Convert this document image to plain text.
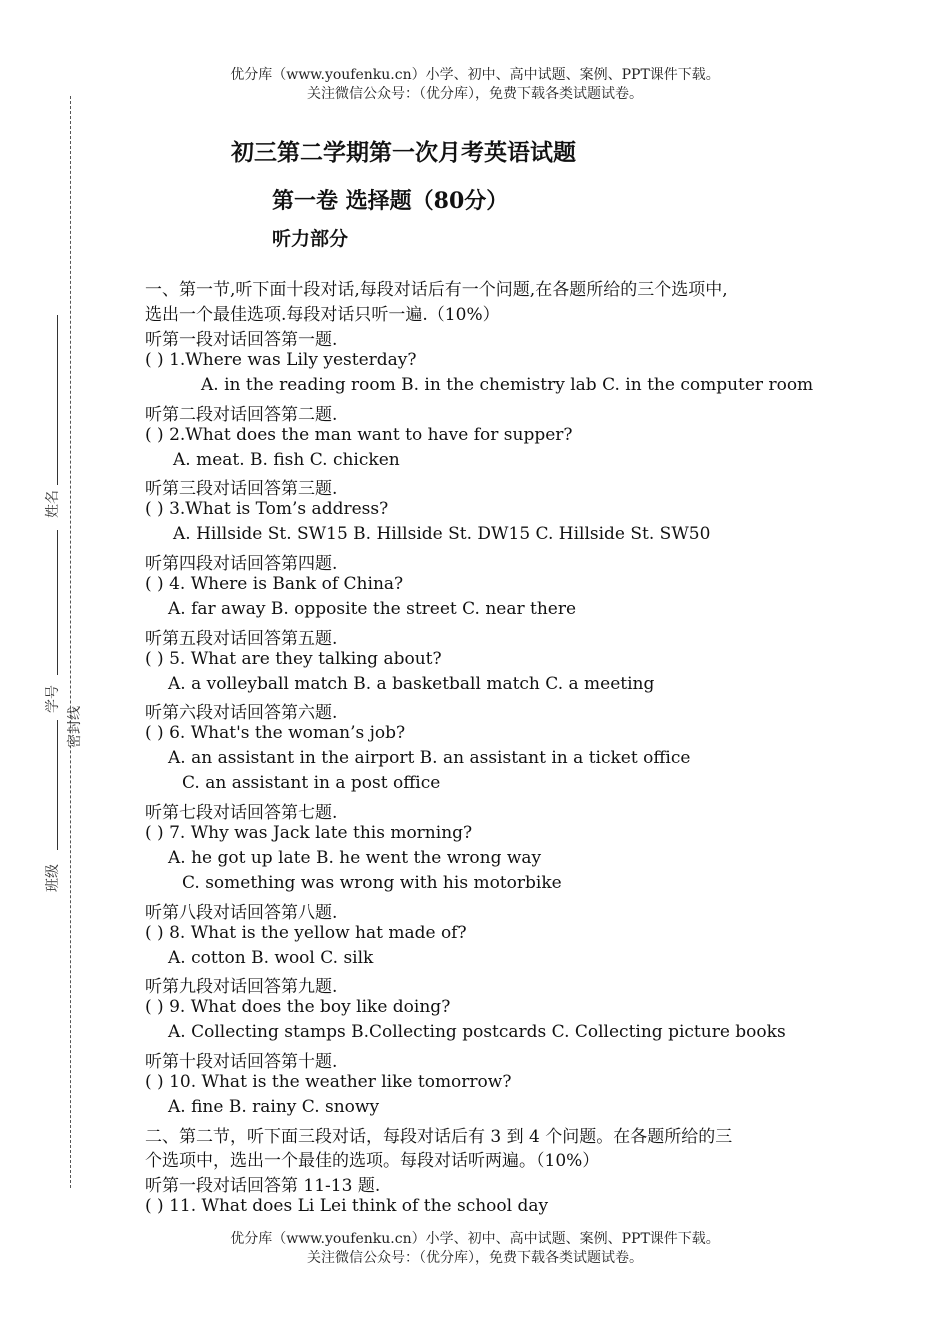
优分库（www.youfenku.cn）小学、初中、高中试题、案例、PPT课件下载。
关注微信公众号：（优分库），免费下载各类试题试卷。
姓名
学号
密封线
班级
初三第二学期第一次月考英语试题
第一卷 选择题（80分）
听力部分
一、第一节,听下面十段对话,每段对话后有一个问题,在各题所给的三个选项中,
选出一个最佳选项.每段对话只听一遍.（10%）
听第一段对话回答第一题.
( ) 1.Where was Lily yesterday?
A. in the reading room B. in the chemistry lab C. in the computer room
听第二段对话回答第二题.
( ) 2.What does the man want to have for supper?
A. meat. B. fish C. chicken
听第三段对话回答第三题.
( ) 3.What is Tom’s address?
A. Hillside St. SW15 B. Hillside St. DW15 C. Hillside St. SW50
听第四段对话回答第四题.
( ) 4. Where is Bank of China?
A. far away B. opposite the street C. near there
听第五段对话回答第五题.
( ) 5. What are they talking about?
A. a volleyball match B. a basketball match C. a meeting
听第六段对话回答第六题.
( ) 6. What's the woman’s job?
A. an assistant in the airport B. an assistant in a ticket office
C. an assistant in a post office
听第七段对话回答第七题.
( ) 7. Why was Jack late this morning?
A. he got up late B. he went the wrong way
C. something was wrong with his motorbike
听第八段对话回答第八题.
( ) 8. What is the yellow hat made of?
A. cotton B. wool C. silk
听第九段对话回答第九题.
( ) 9. What does the boy like doing?
A. Collecting stamps B.Collecting postcards C. Collecting picture books
听第十段对话回答第十题.
( ) 10. What is the weather like tomorrow?
A. fine B. rainy C. snowy
二、第二节，听下面三段对话，每段对话后有 3 到 4 个问题。在各题所给的三
个选项中，选出一个最佳的选项。每段对话听两遍。（10%）
听第一段对话回答第 11-13 题.
( ) 11. What does Li Lei think of the school day
优分库（www.youfenku.cn）小学、初中、高中试题、案例、PPT课件下载。
关注微信公众号：（优分库），免费下载各类试题试卷。
